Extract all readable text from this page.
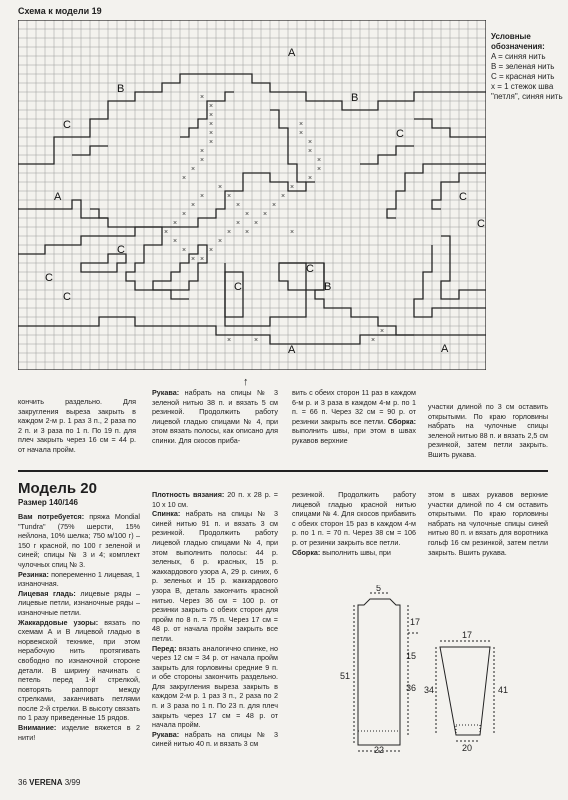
Схема к модели 19
×
×
×
×
×
×
×
×
×
×
×
×
×
×
×
×
×
×
×
×
×
×
×
×
×
×
×
×
×
×
×
×
×
×
×
×
×
×
×
×	×
×
×
×
×
A
B
C
B
C
A	C
C
C
C
A	A
C
C	B
C
Условные обозначения:
A = синяя нить
B = зеленая нить
C = красная нить
x = 1 стежок шва "петля", синяя нить
↑

кончить раздельно. Для закругления выреза закрыть в каждом 2-м р. 1 раз 3 п., 2 раза по 2 п. и 3 раза по 1 п. По 19 п. для плеч закрыть через 16 см = 44 р. от начала пройм.

Рукава: набрать на спицы № 3 зеленой нитью 38 п. и вязать 5 см резинкой. Продолжить работу лицевой гладью спицами № 4, при этом вязать полосы, как описано для спинки. Для скосов приба-

вить с обеих сторон 11 раз в каждом 6-м р. и 3 раза в каждом 4-м р. по 1 п. = 66 п. Через 32 см = 90 р. от резинки закрыть все петли. Сборка: выполнить швы, при этом в швах рукавов верхние

участки длиной по 3 см оставить открытыми. По краю горловины набрать на чулочные спицы зеленой нитью 88 п. и вязать 2,5 см резинкой, затем петли закрыть. Вшить рукава.

Модель 20
Размер 140/146

Вам потребуется: пряжа Mondial "Tundra" (75% шерсти, 15% нейлона, 10% шелка; 750 м/100 г) – 150 г красной, по 100 г зеленой и синей; спицы № 3 и 4; комплект чулочных спиц № 3.

Резинка: попеременно 1 лицевая, 1 изнаночная.

Лицевая гладь: лицевые ряды – лицевые петли, изнаночные ряды – изнаночные петли.

Жаккардовые узоры: вязать по схемам А и В лицевой гладью в норвежской технике, при этом нерабочую нить протягивать свободно по изнаночной стороне детали. В ширину начинать с петель перед 1-й стрелкой, повторять раппорт между стрелками, заканчивать петлями после 2-й стрелки. В высоту связать по 1 разу приведенные 15 рядов.

Внимание: изделие вяжется в 2 нити!

Плотность вязания: 20 п. х 28 р. = 10 х 10 см.

Спинка: набрать на спицы № 3 синей нитью 91 п. и вязать 3 см резинкой. Продолжить работу лицевой гладью спицами № 4, при этом выполнить полосы: 44 р. зеленых, 6 р. красных, 15 р. жаккардового узора А, 29 р. синих, 6 р. зеленых и 15 р. жаккардового узора В, деталь закончить красной нитью. Через 36 см = 100 р. от резинки закрыть с обеих сторон для пройм по 8 п. = 75 п. Через 17 см = 48 р. от начала пройм закрыть все петли.

Перед: вязать аналогично спинке, но через 12 см = 34 р. от начала пройм закрыть для горловины средние 9 п. и обе стороны закончить раздельно. Для закругления выреза закрыть в каждом 2-м р. 1 раз 3 п., 2 раза по 2 п. и 3 раза по 1 п. По 23 п. для плеч закрыть через 17 см = 48 р. от начала пройм.

Рукава: набрать на спицы № 3 синей нитью 40 п. и вязать 3 см

резинкой. Продолжить работу лицевой гладью красной нитью спицами № 4. Для скосов прибавить с обеих сторон 15 раз в каждом 4-м р. по 1 п. = 70 п. Через 38 см = 106 р. от резинки закрыть все петли.

Сборка: выполнить швы, при

этом в швах рукавов верхние участки длиной по 4 см оставить открытыми. По краю горловины набрать на чулочные спицы синей нитью 80 п. и вязать для воротника гольф 16 см резинкой, затем петли закрыть. Вшить рукава.

5
17
51
36
15
22
17
34	41
20
36 VERENA 3/99
